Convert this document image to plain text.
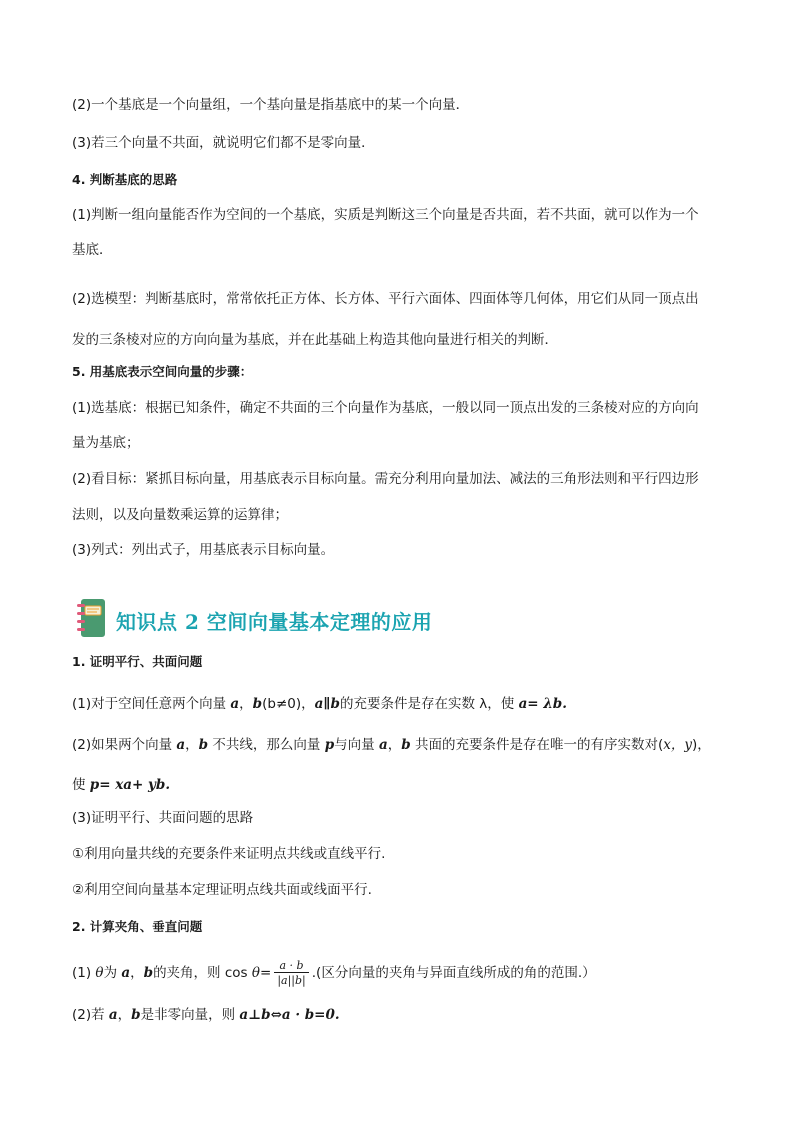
(2)一个基底是一个向量组，一个基向量是指基底中的某一个向量．
(3)若三个向量不共面，就说明它们都不是零向量．
4. 判断基底的思路
(1)判断一组向量能否作为空间的一个基底，实质是判断这三个向量是否共面，若不共面，就可以作为一个
基底．
(2)选模型：判断基底时，常常依托正方体、长方体、平行六面体、四面体等几何体，用它们从同一顶点出
发的三条棱对应的方向向量为基底，并在此基础上构造其他向量进行相关的判断．
5. 用基底表示空间向量的步骤：
(1)选基底：根据已知条件，确定不共面的三个向量作为基底，一般以同一顶点出发的三条棱对应的方向向
量为基底；
(2)看目标：紧抓目标向量，用基底表示目标向量。需充分利用向量加法、减法的三角形法则和平行四边形
法则，以及向量数乘运算的运算律；
(3)列式：列出式子，用基底表示目标向量。
知识点 2 空间向量基本定理的应用
1. 证明平行、共面问题
(1)对于空间任意两个向量 a，b(b≠0)，a∥b的充要条件是存在实数 λ，使 a= λb.
(2)如果两个向量 a，b 不共线，那么向量 p与向量 a，b 共面的充要条件是存在唯一的有序实数对(x，y)，
使 p= xa+ yb.
(3)证明平行、共面问题的思路
①利用向量共线的充要条件来证明点共线或直线平行.
②利用空间向量基本定理证明点线共面或线面平行.
2. 计算夹角、垂直问题
(1) θ为 a，b的夹角，则 $\cos \theta= \frac{a \cdot b}{|a||b|}$ .(区分向量的夹角与异面直线所成的角的范围.）
(2)若 a，b是非零向量，则 a⊥b⇔a · b=0.
